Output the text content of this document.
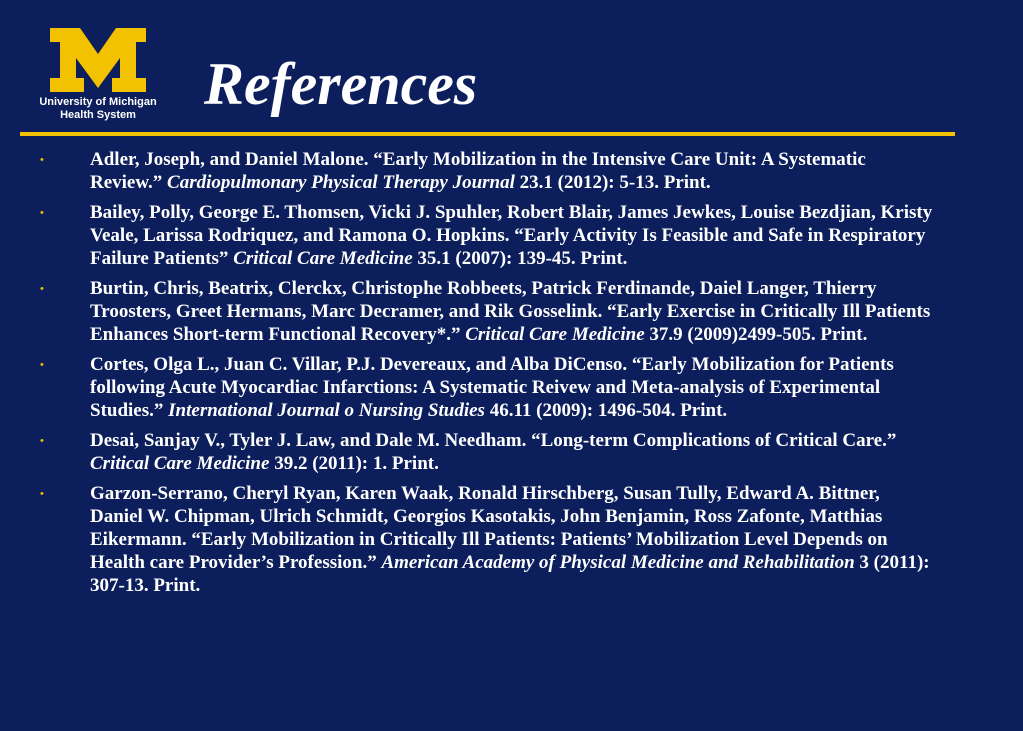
University of Michigan
Health System	References
• Adler, Joseph, and Daniel Malone. “Early Mobilization in the Intensive Care Unit: A Systematic Review.” Cardiopulmonary Physical Therapy Journal 23.1 (2012): 5-13. Print.
• Bailey, Polly, George E. Thomsen, Vicki J. Spuhler, Robert Blair, James Jewkes, Louise Bezdjian, Kristy Veale, Larissa Rodriquez, and Ramona O. Hopkins. “Early Activity Is Feasible and Safe in Respiratory Failure Patients” Critical Care Medicine 35.1 (2007): 139-45. Print.
• Burtin, Chris, Beatrix, Clerckx, Christophe Robbeets, Patrick Ferdinande, Daiel Langer, Thierry Troosters, Greet Hermans, Marc Decramer, and Rik Gosselink. “Early Exercise in Critically Ill Patients Enhances Short-term Functional Recovery*.” Critical Care Medicine 37.9 (2009)2499-505. Print.
• Cortes, Olga L., Juan C. Villar, P.J. Devereaux, and Alba DiCenso. “Early Mobilization for Patients following Acute Myocardiac Infarctions: A Systematic Reivew and Meta-analysis of Experimental Studies.” International Journal o Nursing Studies 46.11 (2009): 1496-504. Print.
• Desai, Sanjay V., Tyler J. Law, and Dale M. Needham. “Long-term Complications of Critical Care.” Critical Care Medicine 39.2 (2011): 1. Print.
• Garzon-Serrano, Cheryl Ryan, Karen Waak, Ronald Hirschberg, Susan Tully, Edward A. Bittner, Daniel W. Chipman, Ulrich Schmidt, Georgios Kasotakis, John Benjamin, Ross Zafonte, Matthias Eikermann. “Early Mobilization in Critically Ill Patients: Patients’ Mobilization Level Depends on Health care Provider’s Profession.” American Academy of Physical Medicine and Rehabilitation 3 (2011): 307-13. Print.
